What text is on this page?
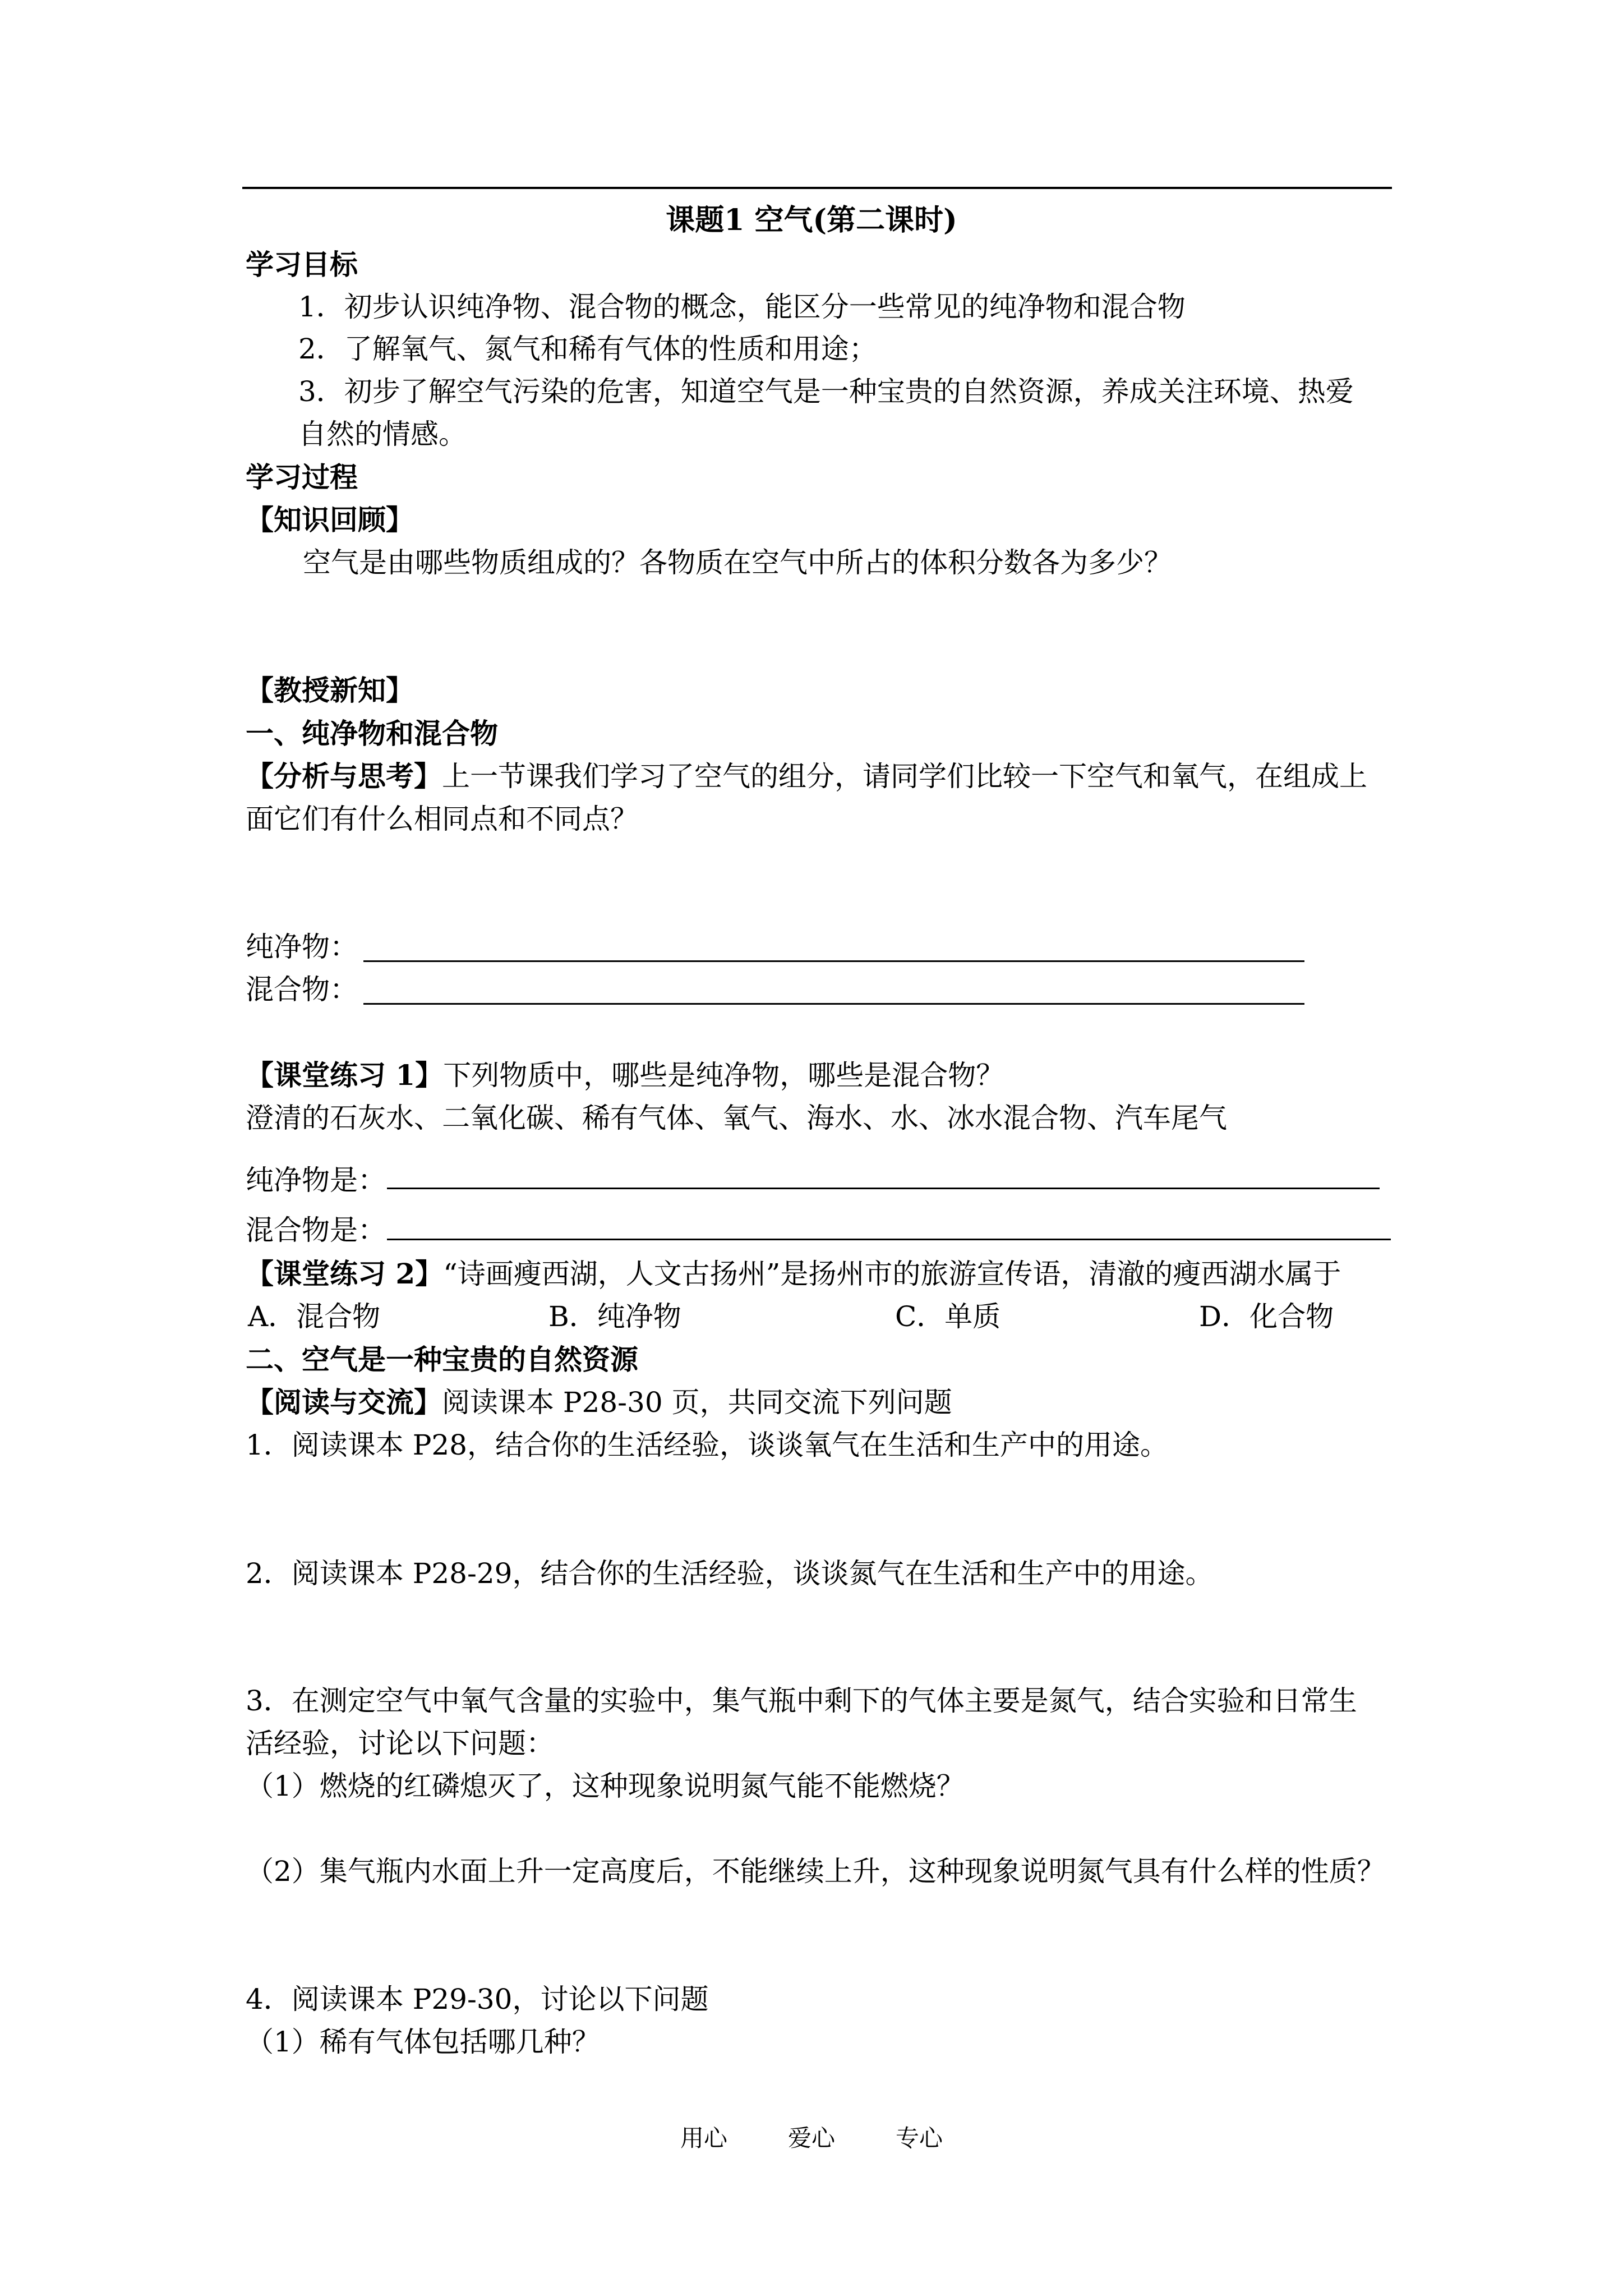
课题1 空气(第二课时)
学习目标
1．初步认识纯净物、混合物的概念，能区分一些常见的纯净物和混合物
2．了解氧气、氮气和稀有气体的性质和用途；
3．初步了解空气污染的危害，知道空气是一种宝贵的自然资源，养成关注环境、热爱
自然的情感。
学习过程
【知识回顾】
空气是由哪些物质组成的？各物质在空气中所占的体积分数各为多少？
【教授新知】
一、纯净物和混合物
【分析与思考】上一节课我们学习了空气的组分，请同学们比较一下空气和氧气，在组成上
面它们有什么相同点和不同点？
纯净物：
混合物：
【课堂练习 1】下列物质中，哪些是纯净物，哪些是混合物？
澄清的石灰水、二氧化碳、稀有气体、氧气、海水、水、冰水混合物、汽车尾气
纯净物是：
混合物是：
【课堂练习 2】“诗画瘦西湖，人文古扬州”是扬州市的旅游宣传语，清澈的瘦西湖水属于
A．混合物	B．纯净物	C．单质	D．化合物
二、空气是一种宝贵的自然资源
【阅读与交流】阅读课本 P28-30 页，共同交流下列问题
1．阅读课本 P28，结合你的生活经验，谈谈氧气在生活和生产中的用途。
2．阅读课本 P28-29，结合你的生活经验，谈谈氮气在生活和生产中的用途。
3．在测定空气中氧气含量的实验中，集气瓶中剩下的气体主要是氮气，结合实验和日常生
活经验，讨论以下问题：
（1）燃烧的红磷熄灭了，这种现象说明氮气能不能燃烧？
（2）集气瓶内水面上升一定高度后，不能继续上升，这种现象说明氮气具有什么样的性质？
4．阅读课本 P29-30，讨论以下问题
（1）稀有气体包括哪几种？
用心	爱心	专心
